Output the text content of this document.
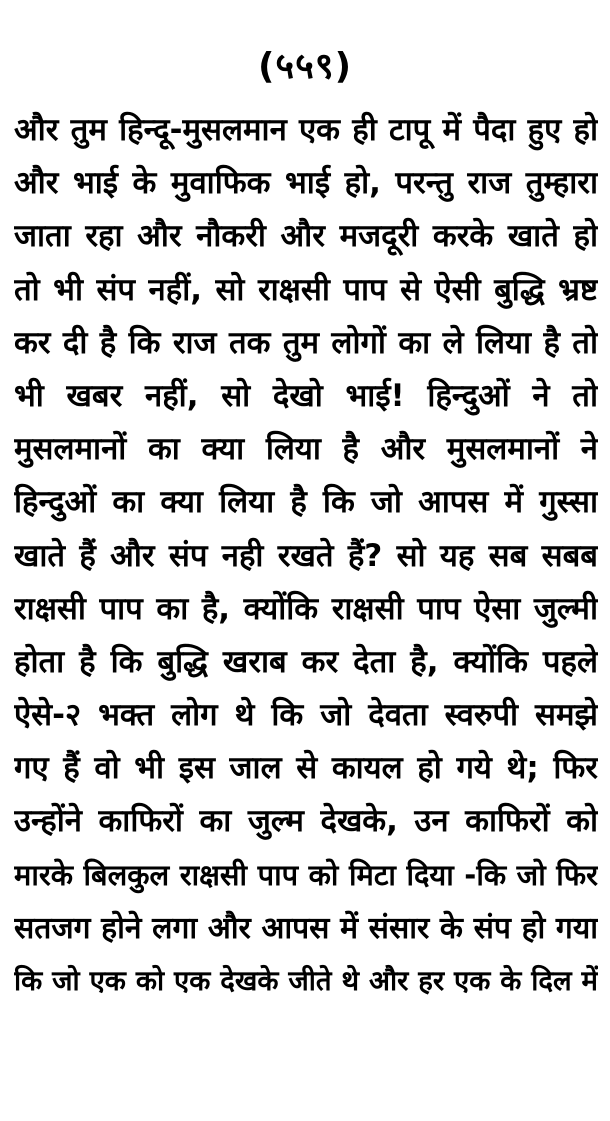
(५५९)
और तुम हिन्दू-मुसलमान एक ही टापू में पैदा हुए हो
और भाई के मुवाफिक भाई हो, परन्तु राज तुम्हारा
जाता रहा और नौकरी और मजदूरी करके खाते हो
तो भी संप नहीं, सो राक्षसी पाप से ऐसी बुद्धि भ्रष्ट
कर दी है कि राज तक तुम लोगों का ले लिया है तो
भी खबर नहीं, सो देखो भाई! हिन्दुओं ने तो
मुसलमानों का क्या लिया है और मुसलमानों ने
हिन्दुओं का क्या लिया है कि जो आपस में गुस्सा
खाते हैं और संप नही रखते हैं? सो यह सब सबब
राक्षसी पाप का है, क्योंकि राक्षसी पाप ऐसा जुल्मी
होता है कि बुद्धि खराब कर देता है, क्योंकि पहले
ऐसे-२ भक्त लोग थे कि जो देवता स्वरुपी समझे
गए हैं वो भी इस जाल से कायल हो गये थे; फिर
उन्होंने काफिरों का जुल्म देखके, उन काफिरों को
मारके बिलकुल राक्षसी पाप को मिटा दिया -कि जो फिर
सतजग होने लगा और आपस में संसार के संप हो गया
कि जो एक को एक देखके जीते थे और हर एक के दिल में
